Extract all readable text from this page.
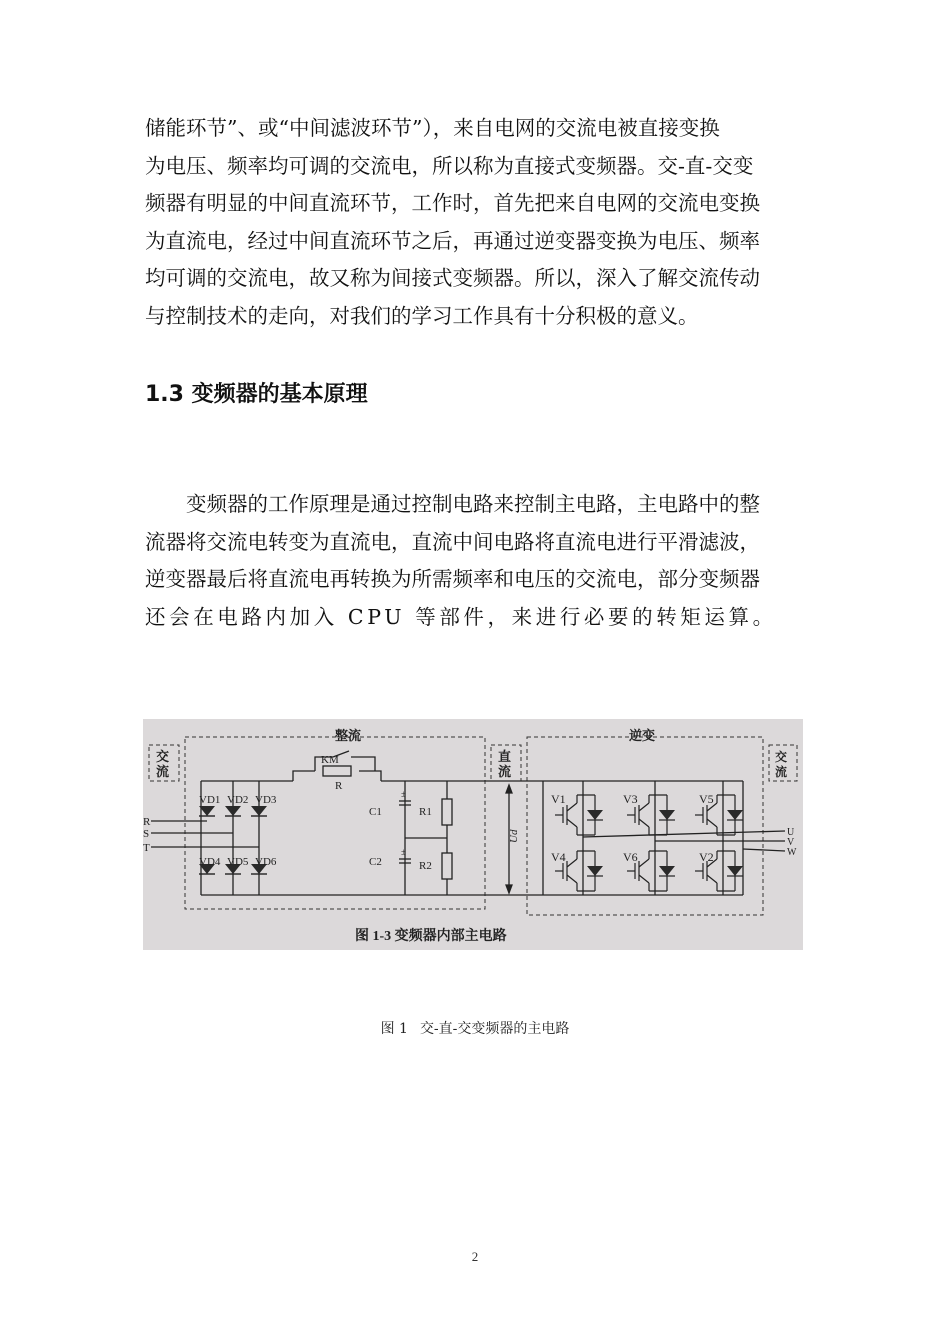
储能环节”、或“中间滤波环节”），来自电网的交流电被直接变换
为电压、频率均可调的交流电，所以称为直接式变频器。交-直-交变
频器有明显的中间直流环节，工作时，首先把来自电网的交流电变换
为直流电，经过中间直流环节之后，再通过逆变器变换为电压、频率
均可调的交流电，故又称为间接式变频器。所以，深入了解交流传动
与控制技术的走向，对我们的学习工作具有十分积极的意义。

1.3 变频器的基本原理

变频器的工作原理是通过控制电路来控制主电路，主电路中的整
流器将交流电转变为直流电，直流中间电路将直流电进行平滑滤波，
逆变器最后将直流电再转换为所需频率和电压的交流电，部分变频器
还会在电路内加入 CPU 等部件，来进行必要的转矩运算。

整流	逆变
交
流
直
流
交
流
KM
R
VD1 VD2 VD3
VD4 VD5 VD6
R
S
T
C1
C2
±
±
R1
R2
Ud	U
V
W
V1	V3	V5
V4	V6	V2
图 1-3 变频器内部主电路
图 1 交-直-交变频器的主电路
2
